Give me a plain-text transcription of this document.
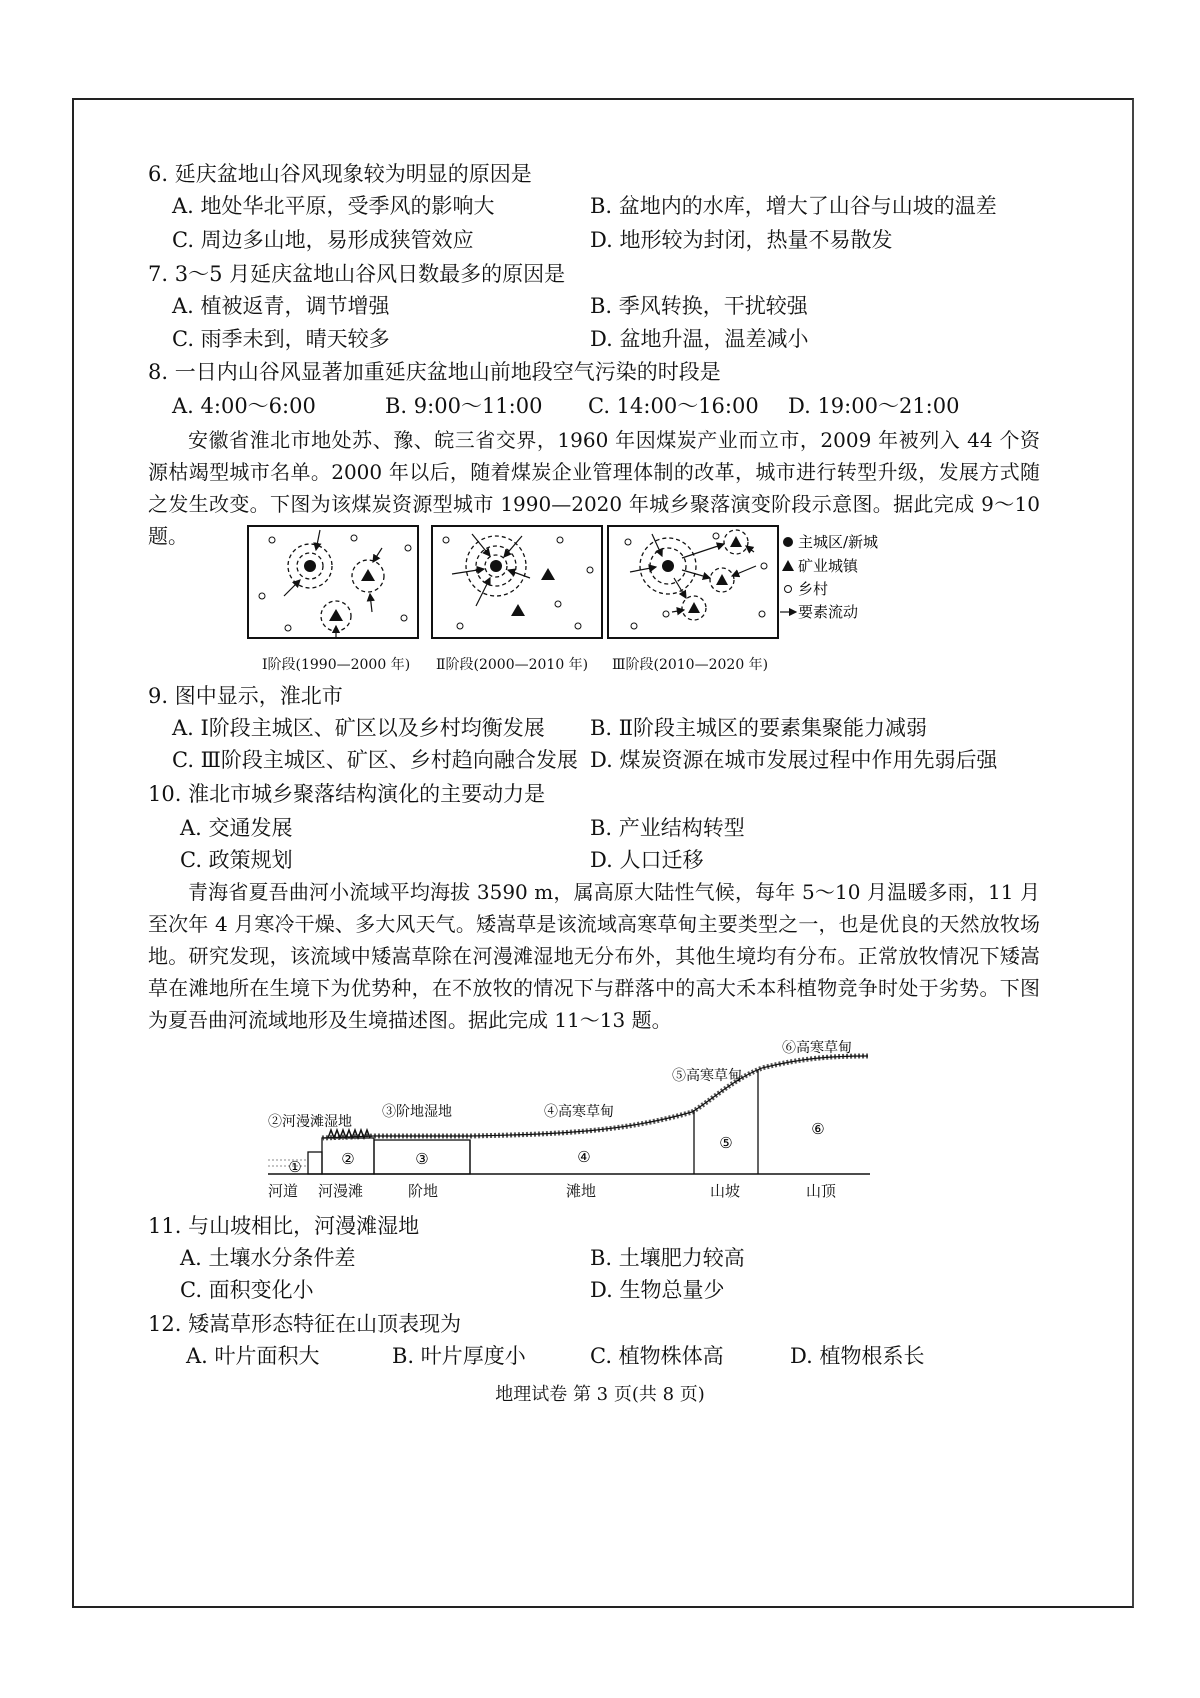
6. 延庆盆地山谷风现象较为明显的原因是
A. 地处华北平原，受季风的影响大	B. 盆地内的水库，增大了山谷与山坡的温差
C. 周边多山地，易形成狭管效应	D. 地形较为封闭，热量不易散发
7. 3～5 月延庆盆地山谷风日数最多的原因是
A. 植被返青，调节增强	B. 季风转换，干扰较强
C. 雨季未到，晴天较多	D. 盆地升温，温差减小
8. 一日内山谷风显著加重延庆盆地山前地段空气污染的时段是
A. 4:00～6:00	B. 9:00～11:00 C. 14:00～16:00 D. 19:00～21:00
安徽省淮北市地处苏、豫、皖三省交界，1960 年因煤炭产业而立市，2009 年被列入 44 个资源枯竭型城市名单。2000 年以后，随着煤炭企业管理体制的改革，城市进行转型升级，发展方式随之发生改变。下图为该煤炭资源型城市 1990—2020 年城乡聚落演变阶段示意图。据此完成 9～10 题。	主城区/新城
矿业城镇
乡村
要素流动
Ⅰ阶段(1990—2000 年) Ⅱ阶段(2000—2010 年) Ⅲ阶段(2010—2020 年)
9. 图中显示，淮北市
A. Ⅰ阶段主城区、矿区以及乡村均衡发展 B. Ⅱ阶段主城区的要素集聚能力减弱
C. Ⅲ阶段主城区、矿区、乡村趋向融合发展 D. 煤炭资源在城市发展过程中作用先弱后强
10. 淮北市城乡聚落结构演化的主要动力是
A. 交通发展	B. 产业结构转型
C. 政策规划	D. 人口迁移
青海省夏吾曲河小流域平均海拔 3590 m，属高原大陆性气候，每年 5～10 月温暖多雨，11 月至次年 4 月寒冷干燥、多大风天气。矮嵩草是该流域高寒草甸主要类型之一，也是优良的天然放牧场地。研究发现，该流域中矮嵩草除在河漫滩湿地无分布外，其他生境均有分布。正常放牧情况下矮嵩草在滩地所在生境下为优势种，在不放牧的情况下与群落中的高大禾本科植物竞争时处于劣势。下图为夏吾曲河流域地形及生境描述图。据此完成 11～13 题。
①	②	③	④
⑤
⑥
②河漫滩湿地
③阶地湿地	④高寒草甸
⑤高寒草甸
⑥高寒草甸
河道 河漫滩	阶地	滩地	山坡	山顶
11. 与山坡相比，河漫滩湿地
A. 土壤水分条件差	B. 土壤肥力较高
C. 面积变化小	D. 生物总量少
12. 矮嵩草形态特征在山顶表现为
A. 叶片面积大	B. 叶片厚度小	C. 植物株体高	D. 植物根系长
地理试卷 第 3 页(共 8 页)
